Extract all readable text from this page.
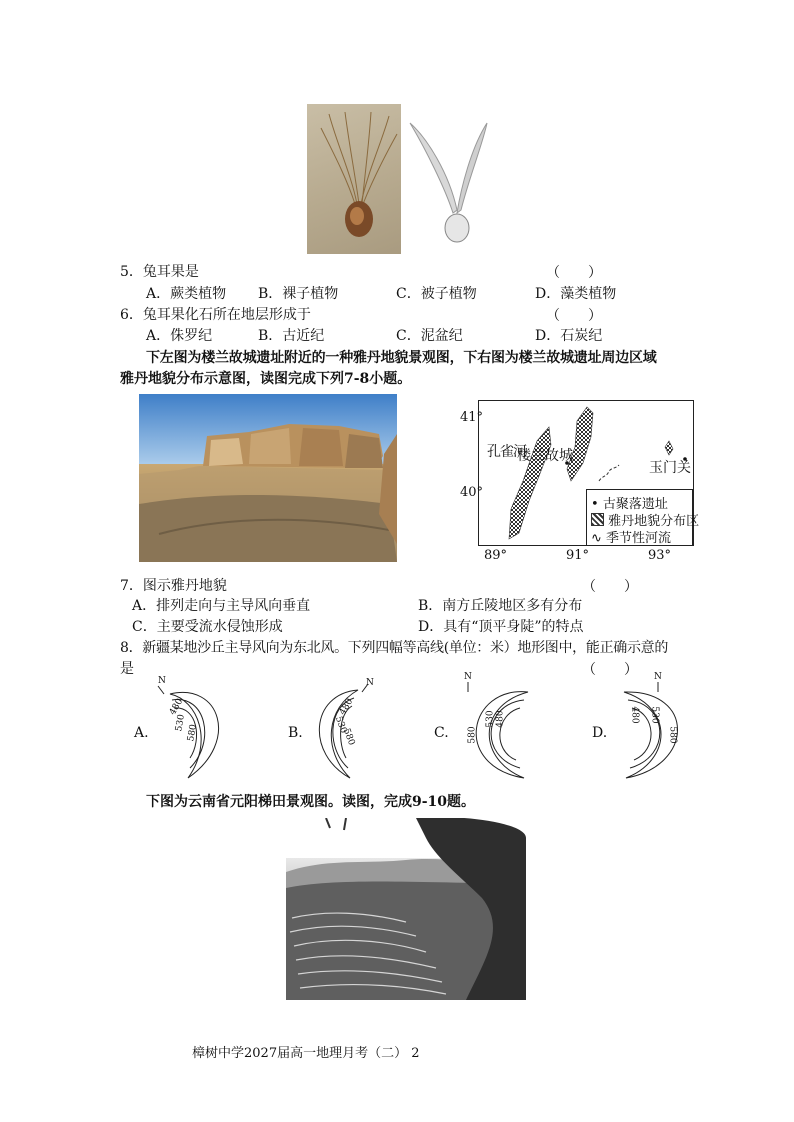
5．兔耳果是	（　　）
A．蕨类植物 B．裸子植物	C．被子植物	D．藻类植物
6．兔耳果化石所在地层形成于	（　　）
A．侏罗纪	B．古近纪	C．泥盆纪	D．石炭纪
下左图为楼兰故城遗址附近的一种雅丹地貌景观图，下右图为楼兰故城遗址周边区域
雅丹地貌分布示意图，读图完成下列7-8小题。
• 古聚落遗址
雅丹地貌分布区
∿ 季节性河流
孔雀河
楼兰故城
玉门关
41°
40°
89°	91°	93°
7．图示雅丹地貌	（　　）
A．排列走向与主导风向垂直	B．南方丘陵地区多有分布
C．主要受流水侵蚀形成	D．具有“顶平身陡”的特点
8．新疆某地沙丘主导风向为东北风。下列四幅等高线(单位：米）地形图中，能正确示意的
是	（　　）
A.	B.	C.	D.
N
480
530
580
N
480
530
580
N
480
530
580
N
480 530
580
下图为云南省元阳梯田景观图。读图，完成9-10题。
樟树中学2027届高一地理月考（二） 2
